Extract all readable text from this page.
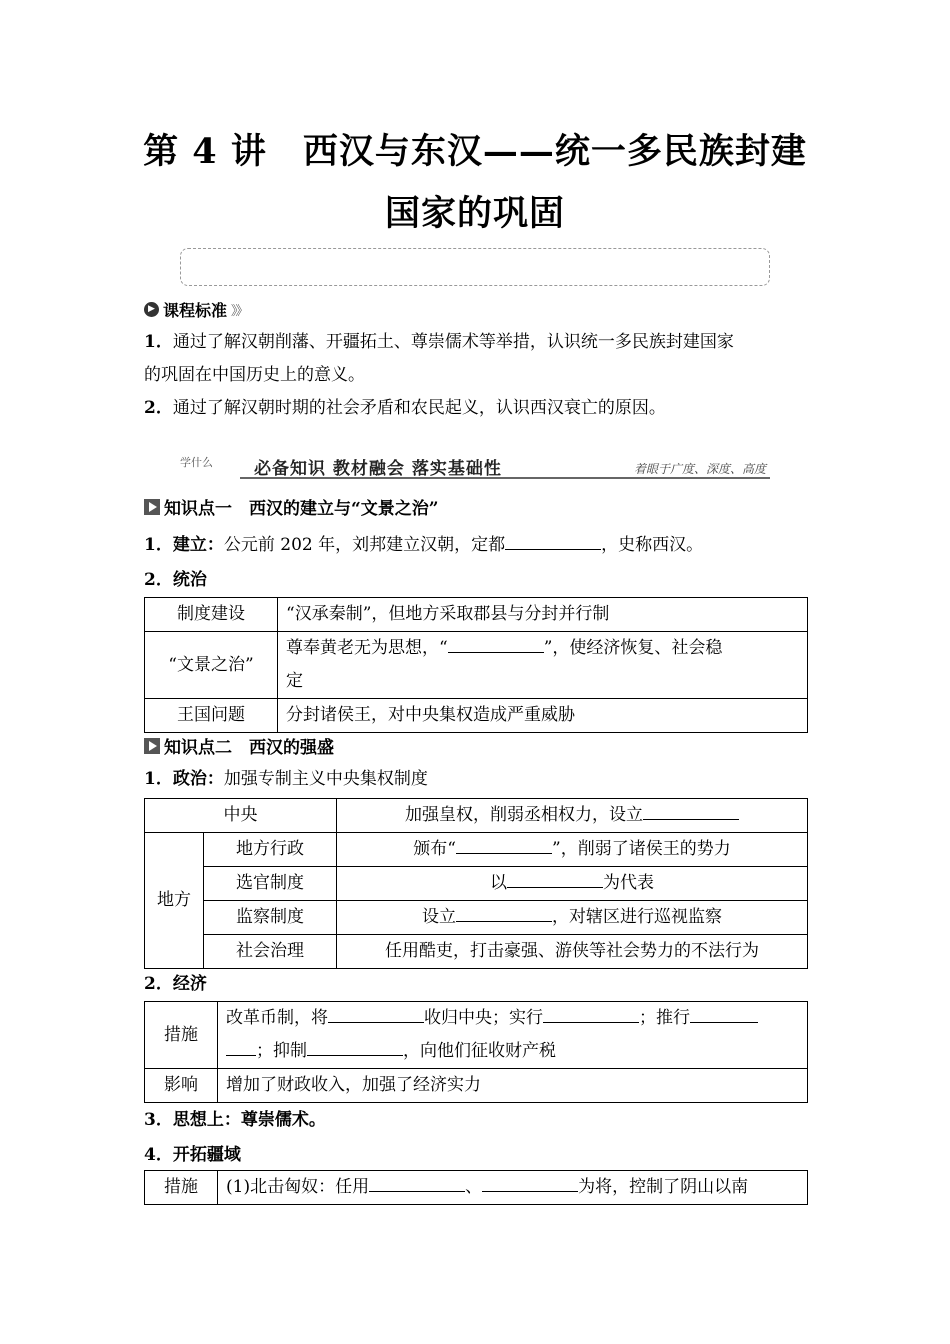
第 4 讲　西汉与东汉——统一多民族封建
国家的巩固
▶ 课程标准 》》
1．通过了解汉朝削藩、开疆拓土、尊崇儒术等举措，认识统一多民族封建国家
的巩固在中国历史上的意义。
2．通过了解汉朝时期的社会矛盾和农民起义，认识西汉衰亡的原因。
学什么	必备知识 教材融会 落实基础性	着眼于广度、深度、高度
知识点一　西汉的建立与“文景之治”
1．建立：公元前 202 年，刘邦建立汉朝，定都	，史称西汉。
2．统治
制度建设	“汉承秦制”，但地方采取郡县与分封并行制
“文景之治”	尊奉黄老无为思想，“ ”，使经济恢复、社会稳
定
王国问题	分封诸侯王，对中央集权造成严重威胁
知识点二　西汉的强盛
1．政治：加强专制主义中央集权制度
中央		加强皇权，削弱丞相权力，设立
地方	地方行政	颁布“ ”，削弱了诸侯王的势力
	选官制度	以 为代表
	监察制度	设立 ，对辖区进行巡视监察
	社会治理	任用酷吏，打击豪强、游侠等社会势力的不法行为
2．经济
措施	改革币制，将 收归中央；实行 ；推行
；抑制 ，向他们征收财产税
影响	增加了财政收入，加强了经济实力
3．思想上：尊崇儒术。
4．开拓疆域
措施	(1)北击匈奴：任用	、	为将，控制了阴山以南
